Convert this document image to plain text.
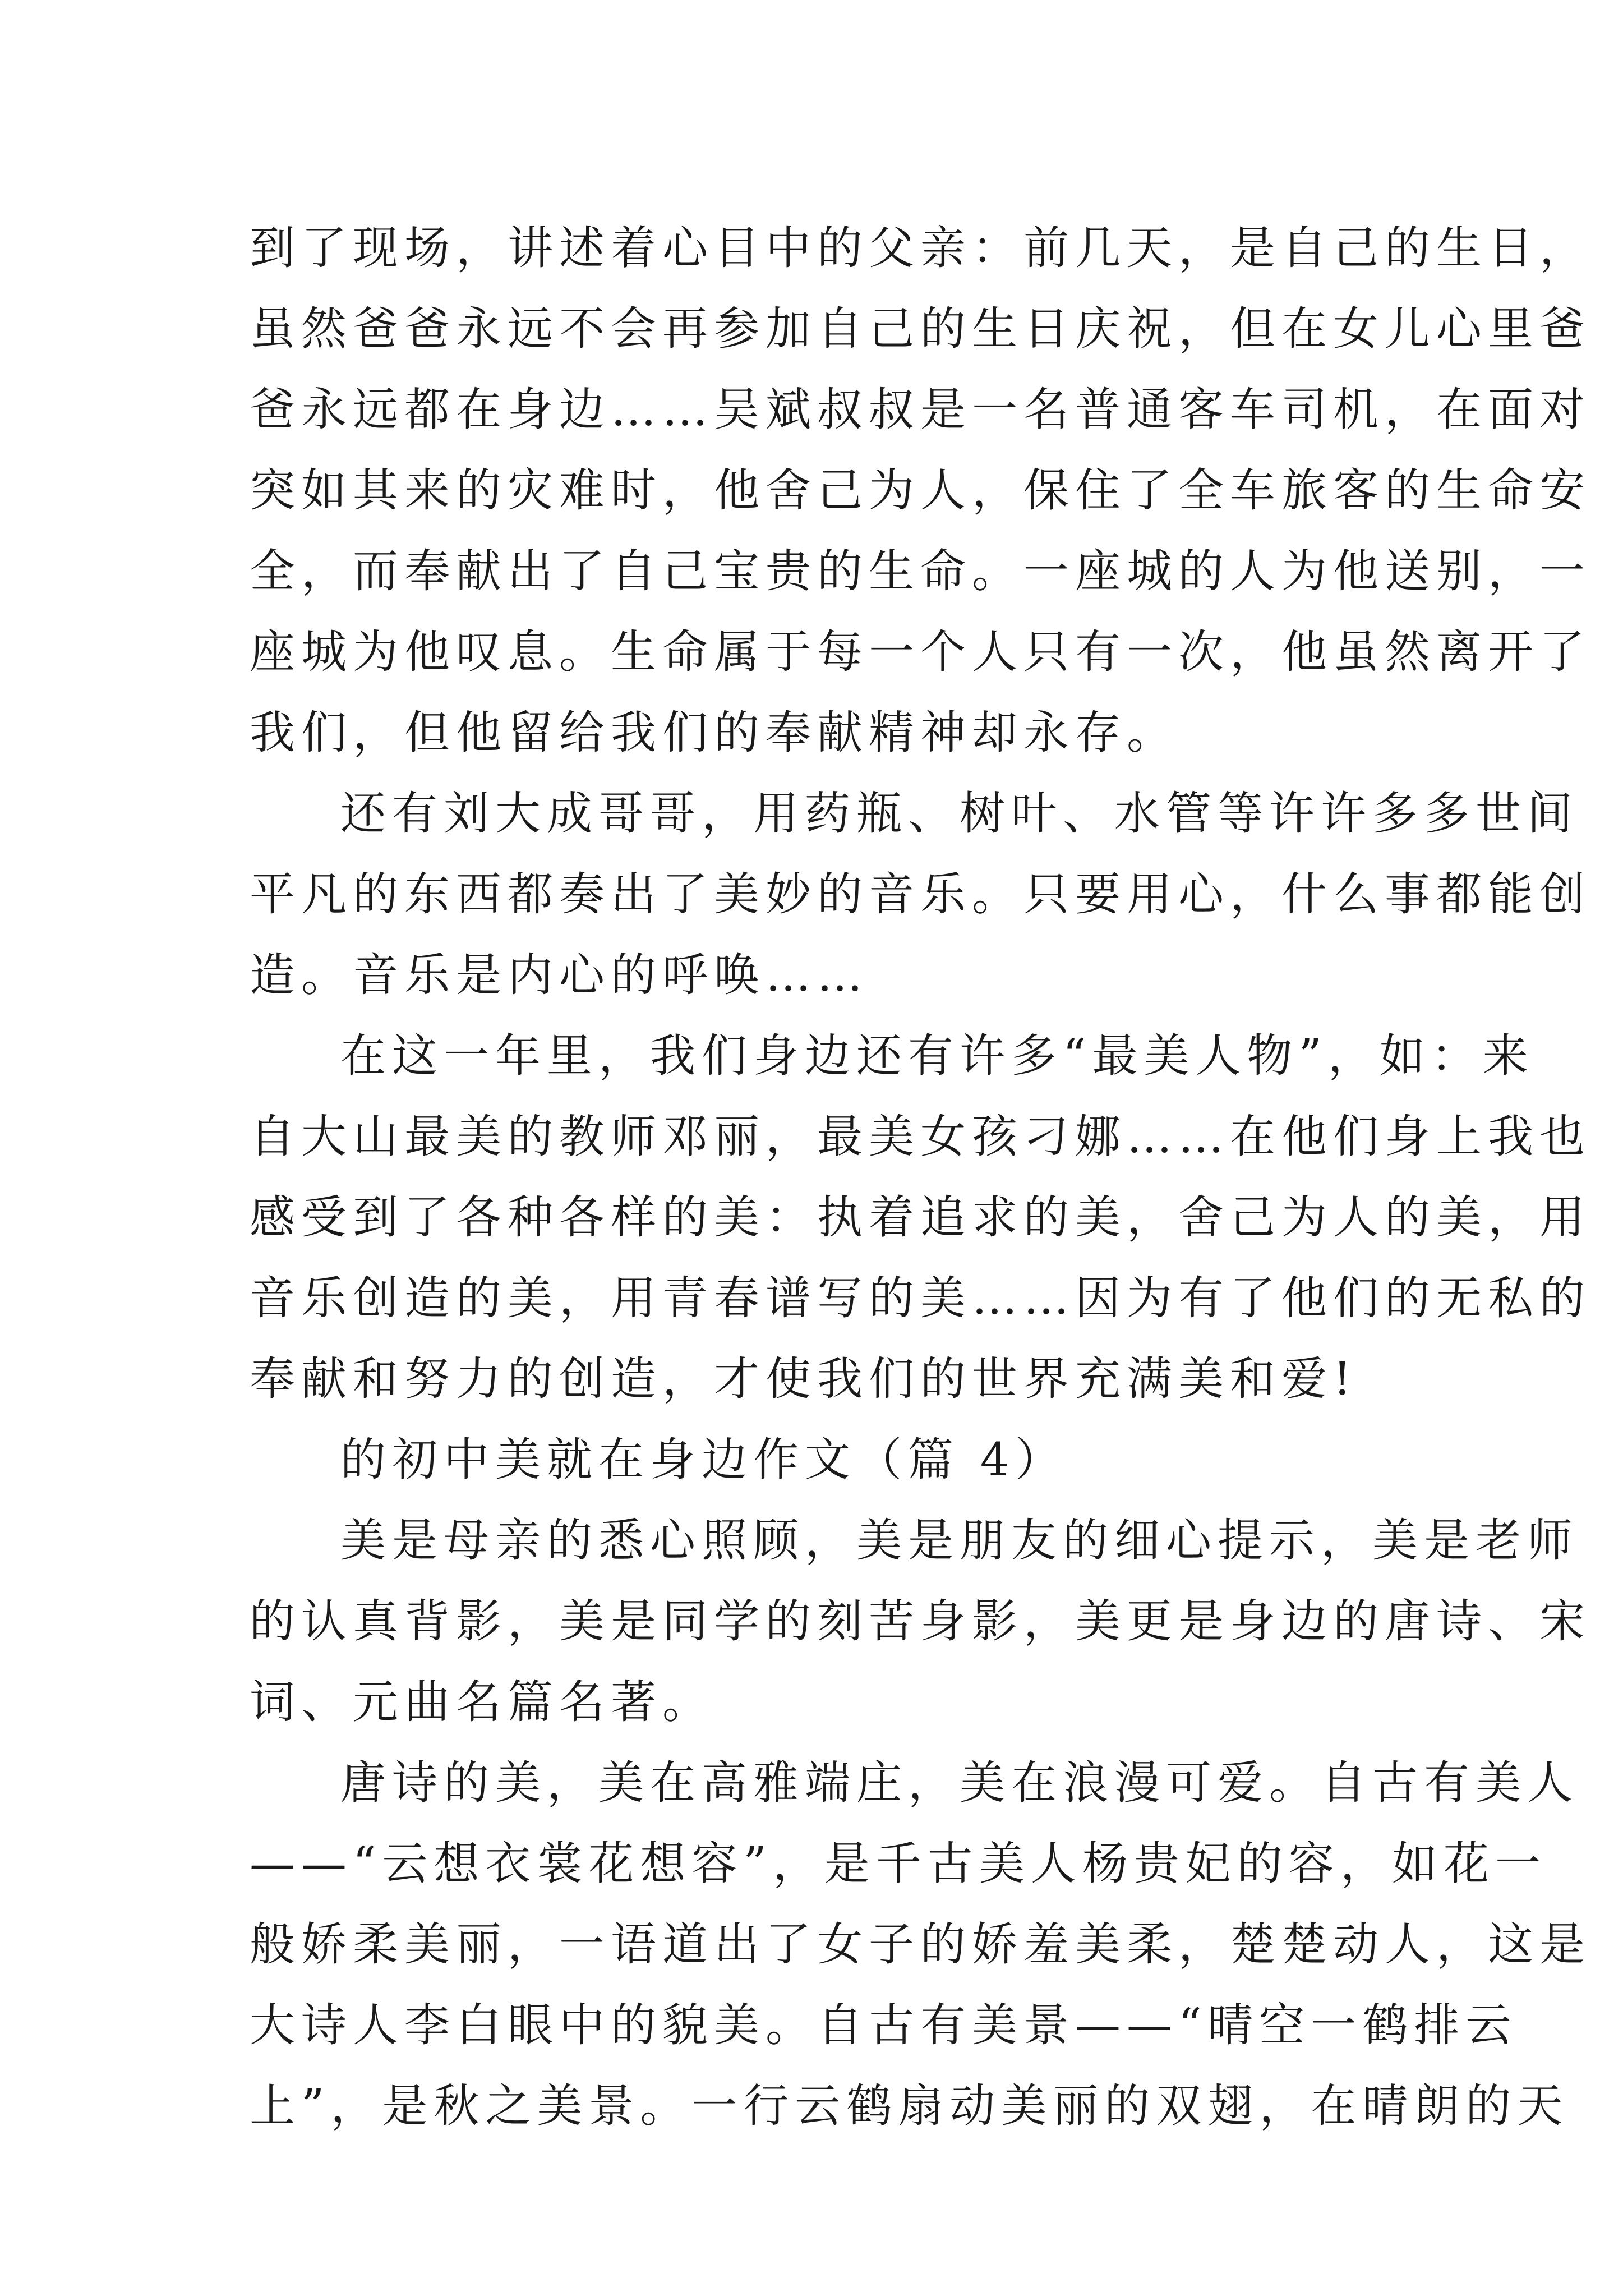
到了现场，讲述着心目中的父亲：前几天，是自己的生日，
虽然爸爸永远不会再参加自己的生日庆祝，但在女儿心里爸
爸永远都在身边……吴斌叔叔是一名普通客车司机，在面对
突如其来的灾难时，他舍己为人，保住了全车旅客的生命安
全，而奉献出了自己宝贵的生命。一座城的人为他送别，一
座城为他叹息。生命属于每一个人只有一次，他虽然离开了
我们，但他留给我们的奉献精神却永存。
还有刘大成哥哥，用药瓶、树叶、水管等许许多多世间
平凡的东西都奏出了美妙的音乐。只要用心，什么事都能创
造。音乐是内心的呼唤……
在这一年里，我们身边还有许多“最美人物”，如：来
自大山最美的教师邓丽，最美女孩刁娜……在他们身上我也
感受到了各种各样的美：执着追求的美，舍己为人的美，用
音乐创造的美，用青春谱写的美……因为有了他们的无私的
奉献和努力的创造，才使我们的世界充满美和爱!
的初中美就在身边作文（篇 4）
美是母亲的悉心照顾，美是朋友的细心提示，美是老师
的认真背影，美是同学的刻苦身影，美更是身边的唐诗、宋
词、元曲名篇名著。
唐诗的美，美在高雅端庄，美在浪漫可爱。自古有美人
——“云想衣裳花想容”，是千古美人杨贵妃的容，如花一
般娇柔美丽，一语道出了女子的娇羞美柔，楚楚动人，这是
大诗人李白眼中的貌美。自古有美景——“晴空一鹤排云
上”，是秋之美景。一行云鹤扇动美丽的双翅，在晴朗的天
